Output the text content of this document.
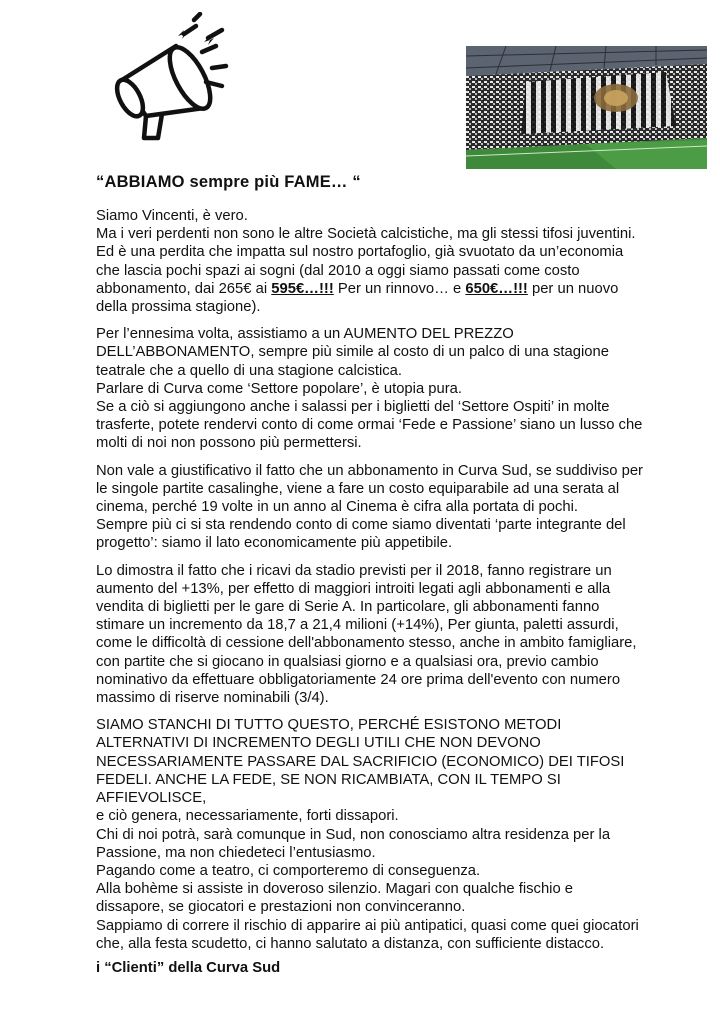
“ABBIAMO sempre più FAME… “

Siamo Vincenti, è vero.
Ma i veri perdenti non sono le altre Società calcistiche, ma gli stessi tifosi juventini.
Ed è una perdita che impatta sul nostro portafoglio, già svuotato da un’economia
che lascia pochi spazi ai sogni (dal 2010 a oggi siamo passati come costo
abbonamento, dai 265€ ai 595€…!!! Per un rinnovo… e 650€…!!! per un nuovo
della prossima stagione).

Per l’ennesima volta, assistiamo a un AUMENTO DEL PREZZO
DELL’ABBONAMENTO, sempre più simile al costo di un palco di una stagione
teatrale che a quello di una stagione calcistica.
Parlare di Curva come ‘Settore popolare’, è utopia pura.
Se a ciò si aggiungono anche i salassi per i biglietti del ‘Settore Ospiti’ in molte
trasferte, potete rendervi conto di come ormai ‘Fede e Passione’ siano un lusso che
molti di noi non possono più permettersi.

Non vale a giustificativo il fatto che un abbonamento in Curva Sud, se suddiviso per
le singole partite casalinghe, viene a fare un costo equiparabile ad una serata al
cinema, perché 19 volte in un anno al Cinema è cifra alla portata di pochi.
Sempre più ci si sta rendendo conto di come siamo diventati ‘parte integrante del
progetto’: siamo il lato economicamente più appetibile.

Lo dimostra il fatto che i ricavi da stadio previsti per il 2018, fanno registrare un
aumento del +13%, per effetto di maggiori introiti legati agli abbonamenti e alla
vendita di biglietti per le gare di Serie A. In particolare, gli abbonamenti fanno
stimare un incremento da 18,7 a 21,4 milioni (+14%), Per giunta, paletti assurdi,
come le difficoltà di cessione dell'abbonamento stesso, anche in ambito famigliare,
con partite che si giocano in qualsiasi giorno e a qualsiasi ora, previo cambio
nominativo da effettuare obbligatoriamente 24 ore prima dell'evento con numero
massimo di riserve nominabili (3/4).

SIAMO STANCHI DI TUTTO QUESTO, PERCHÉ ESISTONO METODI
ALTERNATIVI DI INCREMENTO DEGLI UTILI CHE NON DEVONO
NECESSARIAMENTE PASSARE DAL SACRIFICIO (ECONOMICO) DEI TIFOSI
FEDELI. ANCHE LA FEDE, SE NON RICAMBIATA, CON IL TEMPO SI
AFFIEVOLISCE,
e ciò genera, necessariamente, forti dissapori.
Chi di noi potrà, sarà comunque in Sud, non conosciamo altra residenza per la
Passione, ma non chiedeteci l’entusiasmo.
Pagando come a teatro, ci comporteremo di conseguenza.
Alla bohème si assiste in doveroso silenzio. Magari con qualche fischio e
dissapore, se giocatori e prestazioni non convinceranno.
Sappiamo di correre il rischio di apparire ai più antipatici, quasi come quei giocatori
che, alla festa scudetto, ci hanno salutato a distanza, con sufficiente distacco.

i “Clienti” della Curva Sud
